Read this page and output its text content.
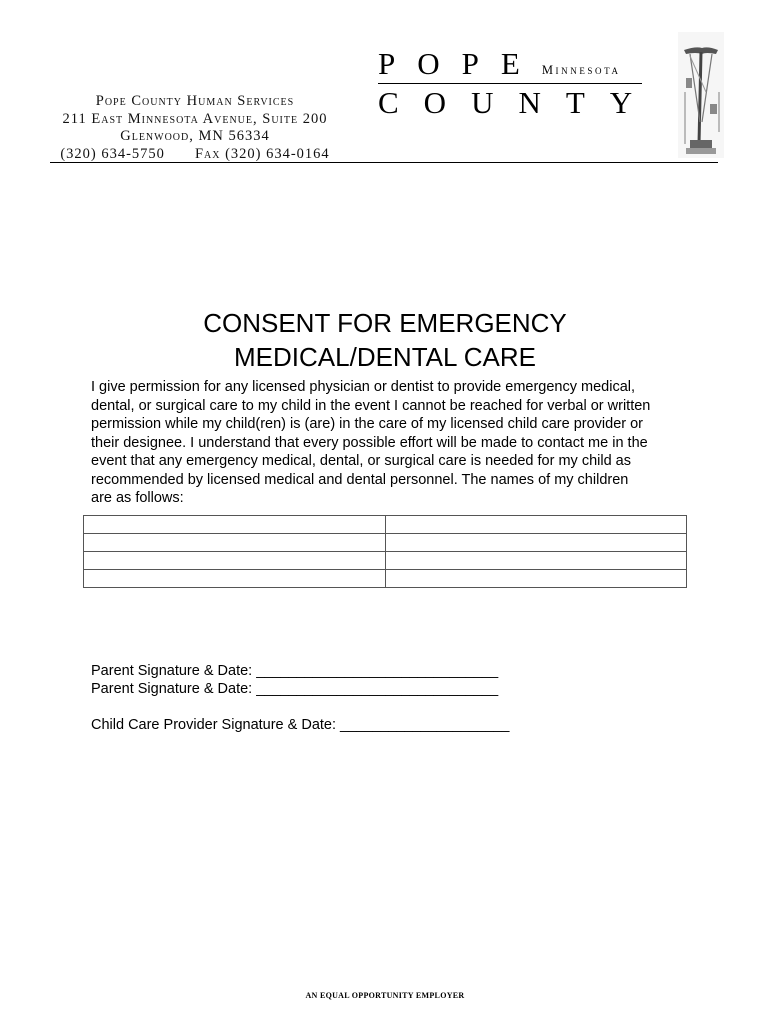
Pope County Human Services
211 East Minnesota Avenue, Suite 200
Glenwood, MN 56334
(320) 634-5750 Fax (320) 634-0164
POPE Minnesota
COUNTY
CONSENT FOR EMERGENCY
MEDICAL/DENTAL CARE
I give permission for any licensed physician or dentist to provide emergency medical,
dental, or surgical care to my child in the event I cannot be reached for verbal or written
permission while my child(ren) is (are) in the care of my licensed child care provider or
their designee. I understand that every possible effort will be made to contact me in the
event that any emergency medical, dental, or surgical care is needed for my child as
recommended by licensed medical and dental personnel. The names of my children
are as follows:

Parent Signature & Date: ______________________________
Parent Signature & Date: ______________________________
Child Care Provider Signature & Date: _____________________
AN EQUAL OPPORTUNITY EMPLOYER
